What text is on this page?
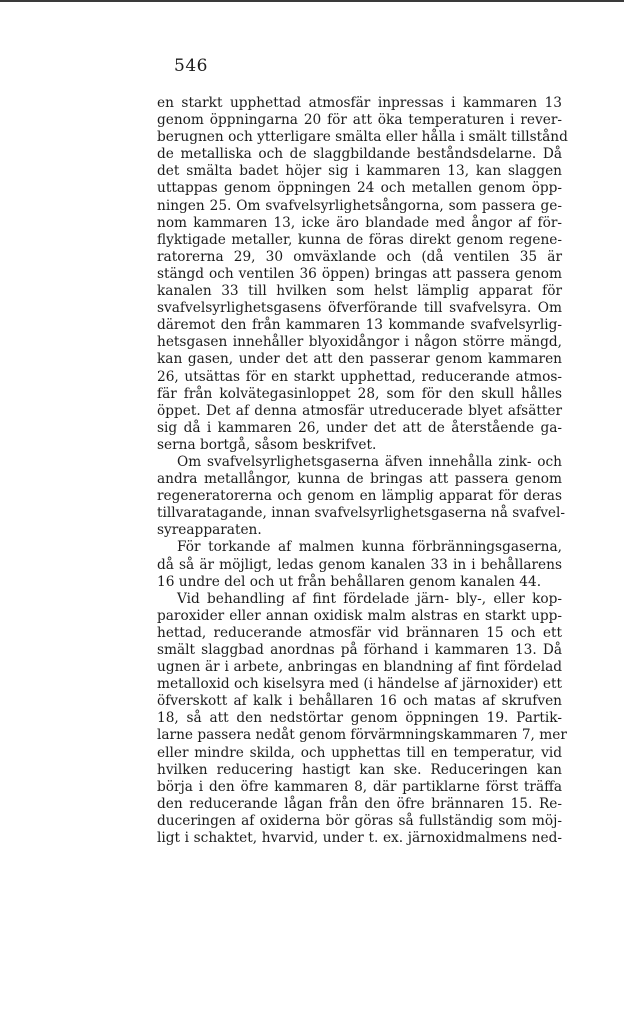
546
en starkt upphettad atmosfär inpressas i kammaren 13
genom öppningarna 20 för att öka temperaturen i rever-
berugnen och ytterligare smälta eller hålla i smält tillstånd
de metalliska och de slaggbildande beståndsdelarne. Då
det smälta badet höjer sig i kammaren 13, kan slaggen
uttappas genom öppningen 24 och metallen genom öpp-
ningen 25. Om svafvelsyrlighetsångorna, som passera ge-
nom kammaren 13, icke äro blandade med ångor af för-
flyktigade metaller, kunna de föras direkt genom regene-
ratorerna 29, 30 omväxlande och (då ventilen 35 är
stängd och ventilen 36 öppen) bringas att passera genom
kanalen 33 till hvilken som helst lämplig apparat för
svafvelsyrlighetsgasens öfverförande till svafvelsyra. Om
däremot den från kammaren 13 kommande svafvelsyrlig-
hetsgasen innehåller blyoxidångor i någon större mängd,
kan gasen, under det att den passerar genom kammaren
26, utsättas för en starkt upphettad, reducerande atmos-
fär från kolvätegasinloppet 28, som för den skull hålles
öppet. Det af denna atmosfär utreducerade blyet afsätter
sig då i kammaren 26, under det att de återstående ga-
serna bortgå, såsom beskrifvet.
Om svafvelsyrlighetsgaserna äfven innehålla zink- och
andra metallångor, kunna de bringas att passera genom
regeneratorerna och genom en lämplig apparat för deras
tillvaratagande, innan svafvelsyrlighetsgaserna nå svafvel-
syreapparaten.
För torkande af malmen kunna förbränningsgaserna,
då så är möjligt, ledas genom kanalen 33 in i behållarens
16 undre del och ut från behållaren genom kanalen 44.
Vid behandling af fint fördelade järn- bly-, eller kop-
paroxider eller annan oxidisk malm alstras en starkt upp-
hettad, reducerande atmosfär vid brännaren 15 och ett
smält slaggbad anordnas på förhand i kammaren 13. Då
ugnen är i arbete, anbringas en blandning af fint fördelad
metalloxid och kiselsyra med (i händelse af järnoxider) ett
öfverskott af kalk i behållaren 16 och matas af skrufven
18, så att den nedstörtar genom öppningen 19. Partik-
larne passera nedåt genom förvärmningskammaren 7, mer
eller mindre skilda, och upphettas till en temperatur, vid
hvilken reducering hastigt kan ske. Reduceringen kan
börja i den öfre kammaren 8, där partiklarne först träffa
den reducerande lågan från den öfre brännaren 15. Re-
duceringen af oxiderna bör göras så fullständig som möj-
ligt i schaktet, hvarvid, under t. ex. järnoxidmalmens ned-
